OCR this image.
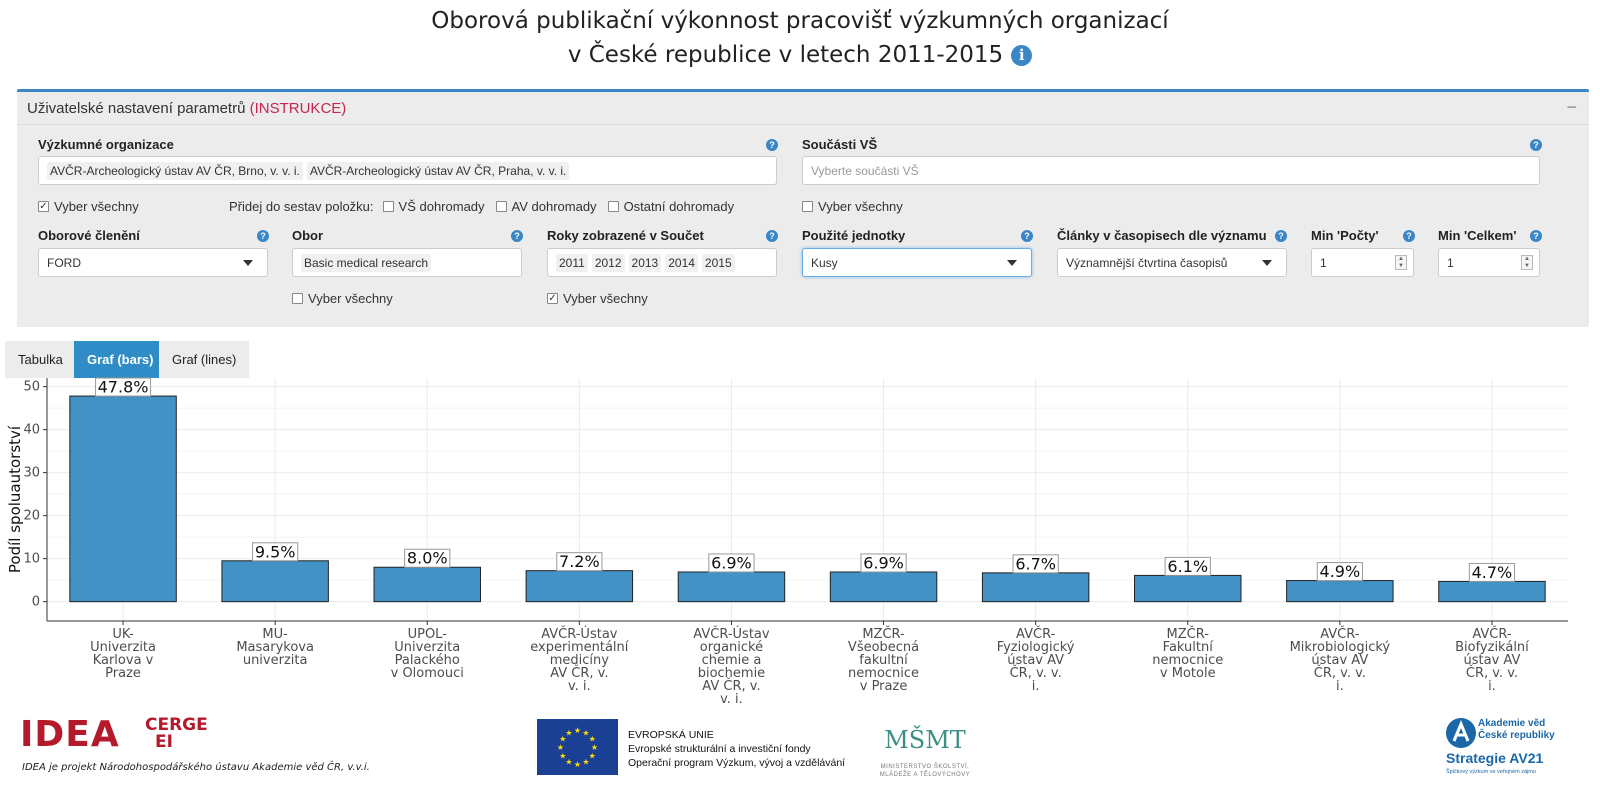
Oborová publikační výkonnost pracovišť výzkumných organizací
v České republice v letech 2011-2015 i
Uživatelské nastavení parametrů (INSTRUKCE)	−
Výzkumné organizace	?
AVČR-Archeologický ústav AV ČR, Brno, v. v. i. AVČR-Archeologický ústav AV ČR, Praha, v. v. i.
Součásti VŠ	?
Vyberte součásti VŠ
✓ Vyber všechny	Přidej do sestav položku: VŠ dohromady AV dohromady Ostatní dohromady	Vyber všechny
Oborové členění	?
FORD
Obor	?
Basic medical research
Roky zobrazené v Součet	?
2011 2012 2013 2014 2015
Použité jednotky	?
Kusy
Články v časopisech dle významu	?
Významnější čtvrtina časopisů
Min 'Počty'	?
1	▲
▼
Min 'Celkem'	?
1	▲
▼
Vyber všechny	✓ Vyber všechny
Tabulka	Graf (bars)	Graf (lines)
0
10
20
30
40
50
Podíl spoluautorství
47.8%
UK-Univerzita Karlova v Praze
9.5%
MU-Masarykova univerzita
8.0%
UPOL-Univerzita Palackého v Olomouci
7.2%
AVČR-Ústav experimentální medicíny AV ČR, v. v. i.
6.9%
AVČR-Ústav organické chemie a biochemie AV ČR, v. v. i.
6.9%
MZČR-Všeobecná fakultní nemocnice v Praze
6.7%
AVČR-Fyziologický ústav AV ČR, v. v. i.
6.1%
MZČR-Fakultní nemocnice v Motole
4.9%
AVČR-Mikrobiologický ústav AV ČR, v. v. i.
4.7%
AVČR-Biofyzikální ústav AV ČR, v. v. i.
IDEA CERGE
EI
IDEA je projekt Národohospodářského ústavu Akademie věd ČR, v.v.i.
★
★
★
★
★
★
★
★
★ ★ ★
★	EVROPSKÁ UNIE
Evropské strukturální a investiční fondy
Operační program Výzkum, vývoj a vzdělávání
MŠMT
MINISTERSTVO ŠKOLSTVÍ,
MLÁDEŽE A TĚLOVÝCHOVY
Akademie věd
České republiky
Strategie AV21
Špičkový výzkum ve veřejném zájmu
